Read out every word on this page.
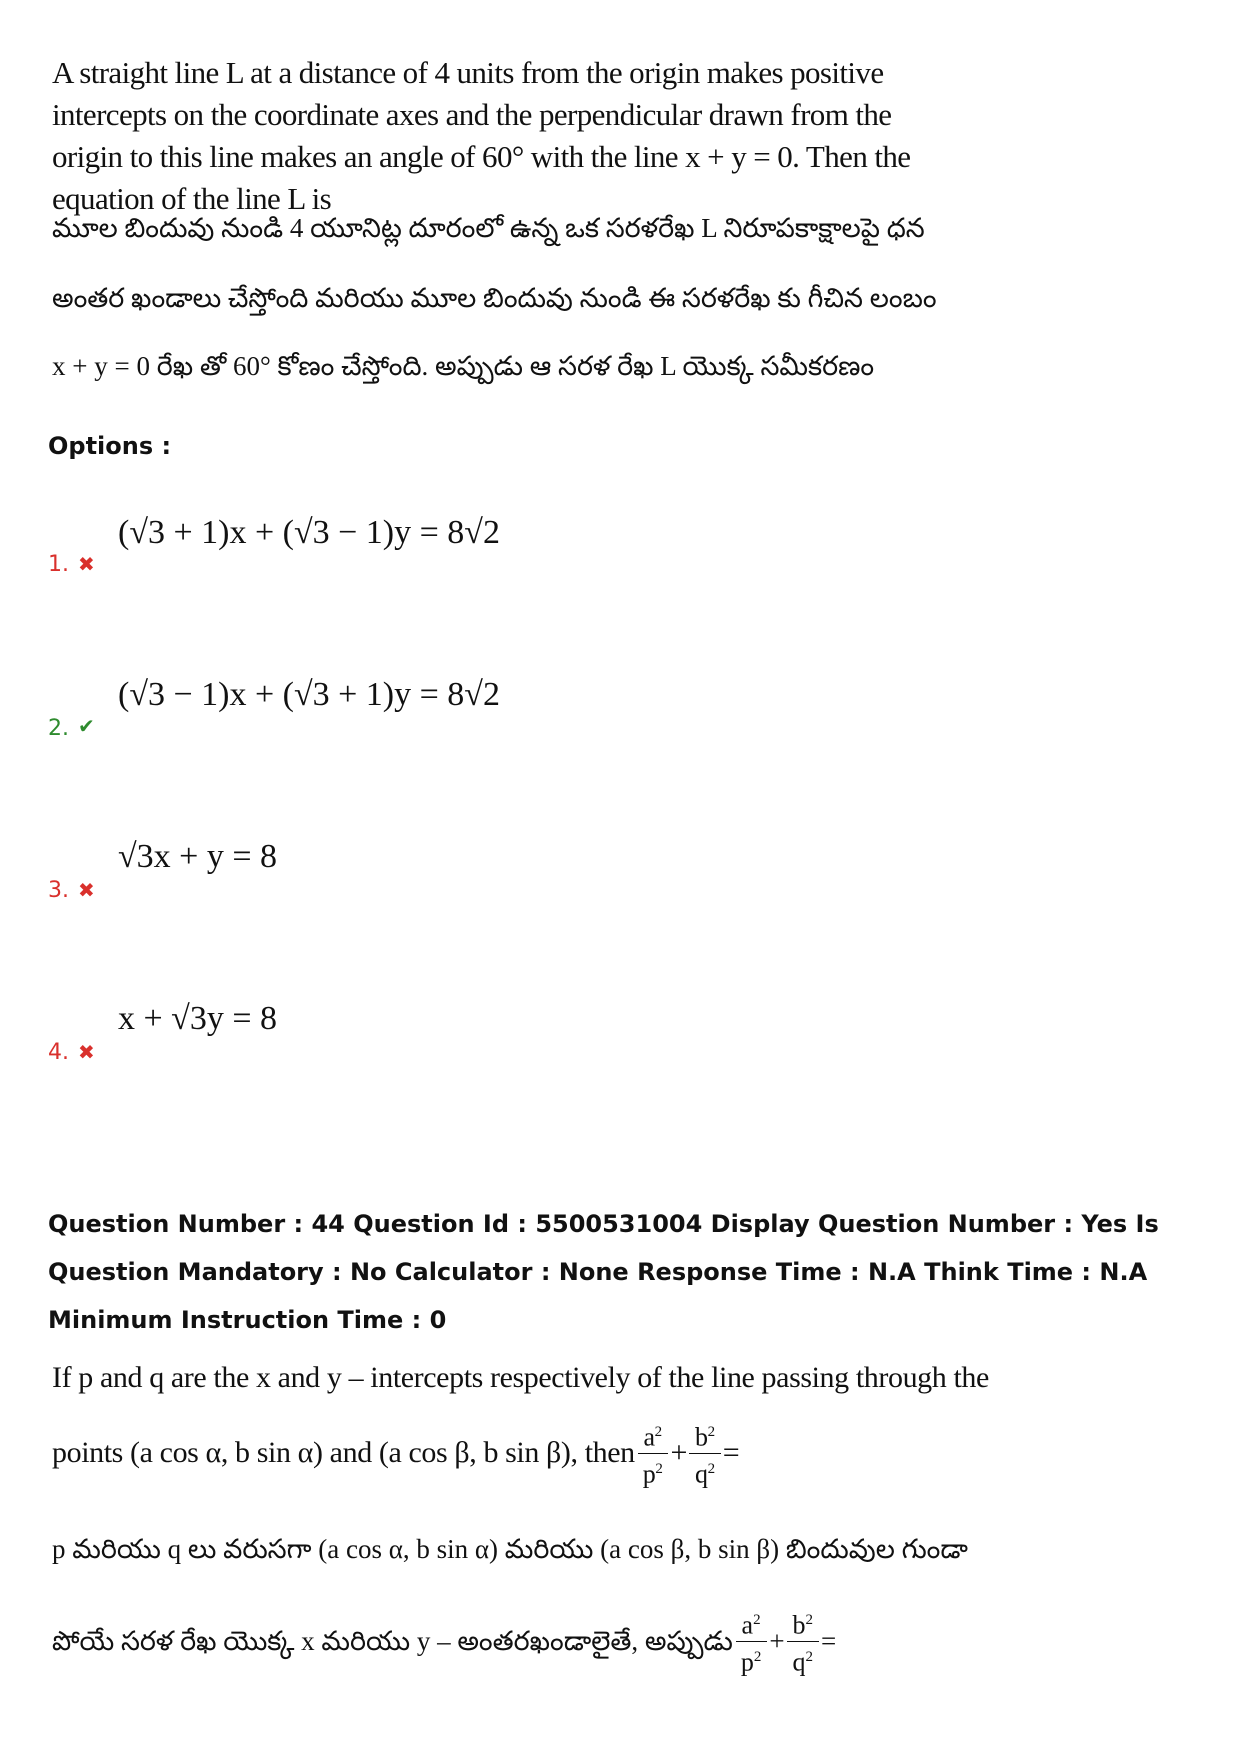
A straight line L at a distance of 4 units from the origin makes positive intercepts on the coordinate axes and the perpendicular drawn from the origin to this line makes an angle of 60° with the line x + y = 0. Then the equation of the line L is
మూల బిందువు నుండి 4 యూనిట్ల దూరంలో ఉన్న ఒక సరళరేఖ L నిరూపకాక్షాలపై ధన
అంతర ఖండాలు చేస్తోంది మరియు మూల బిందువు నుండి ఈ సరళరేఖ కు గీచిన లంబం
x + y = 0 రేఖ తో 60° కోణం చేస్తోంది. అప్పుడు ఆ సరళ రేఖ L యొక్క సమీకరణం
Options :
1. ✖
(√3 + 1)x + (√3 − 1)y = 8√2
2. ✔
(√3 − 1)x + (√3 + 1)y = 8√2
3. ✖
√3x + y = 8
4. ✖
x + √3y = 8
Question Number : 44 Question Id : 5500531004 Display Question Number : Yes Is Question Mandatory : No Calculator : None Response Time : N.A Think Time : N.A Minimum Instruction Time : 0
If p and q are the x and y – intercepts respectively of the line passing through the
points (a cos α, b sin α) and (a cos β, b sin β), then $\frac{a^2}{p^2} + \frac{b^2}{q^2}$ =
p మరియు q లు వరుసగా (a cos α, b sin α) మరియు (a cos β, b sin β) బిందువుల గుండా
పోయే సరళ రేఖ యొక్క x మరియు y – అంతరఖండాలైతే, అప్పుడు $\frac{a^2}{p^2} + \frac{b^2}{q^2}$ =
